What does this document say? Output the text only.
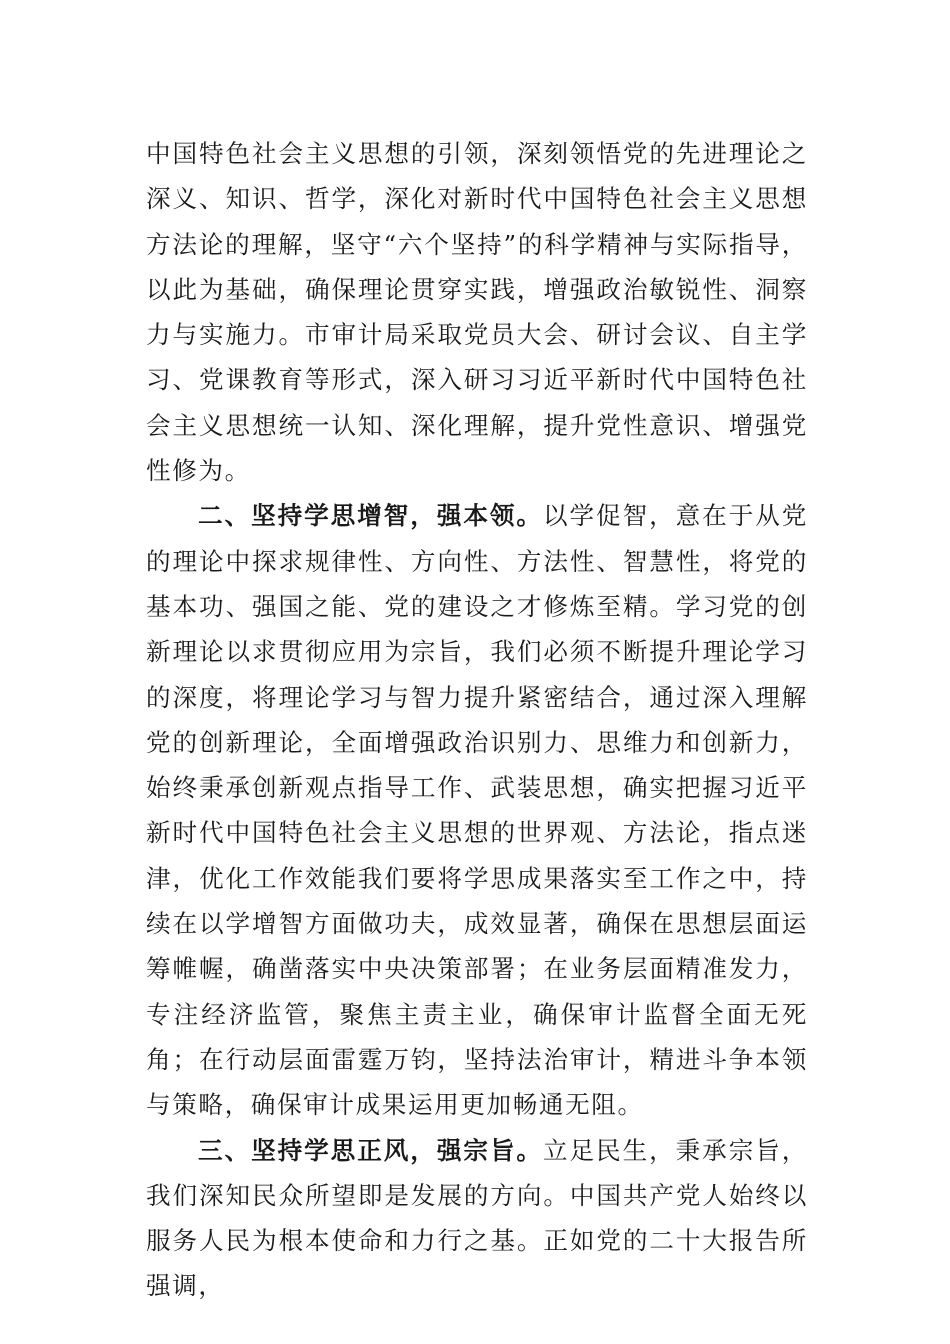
中国特色社会主义思想的引领，深刻领悟党的先进理论之深义、知识、哲学，深化对新时代中国特色社会主义思想方法论的理解，坚守“六个坚持”的科学精神与实际指导，以此为基础，确保理论贯穿实践，增强政治敏锐性、洞察力与实施力。市审计局采取党员大会、研讨会议、自主学习、党课教育等形式，深入研习习近平新时代中国特色社会主义思想统一认知、深化理解，提升党性意识、增强党性修为。

二、坚持学思增智，强本领。以学促智，意在于从党的理论中探求规律性、方向性、方法性、智慧性，将党的基本功、强国之能、党的建设之才修炼至精。学习党的创新理论以求贯彻应用为宗旨，我们必须不断提升理论学习的深度，将理论学习与智力提升紧密结合，通过深入理解党的创新理论，全面增强政治识别力、思维力和创新力，始终秉承创新观点指导工作、武装思想，确实把握习近平新时代中国特色社会主义思想的世界观、方法论，指点迷津，优化工作效能我们要将学思成果落实至工作之中，持续在以学增智方面做功夫，成效显著，确保在思想层面运筹帷幄，确凿落实中央决策部署；在业务层面精准发力，专注经济监管，聚焦主责主业，确保审计监督全面无死角；在行动层面雷霆万钧，坚持法治审计，精进斗争本领与策略，确保审计成果运用更加畅通无阻。

三、坚持学思正风，强宗旨。立足民生，秉承宗旨，我们深知民众所望即是发展的方向。中国共产党人始终以服务人民为根本使命和力行之基。正如党的二十大报告所强调，
